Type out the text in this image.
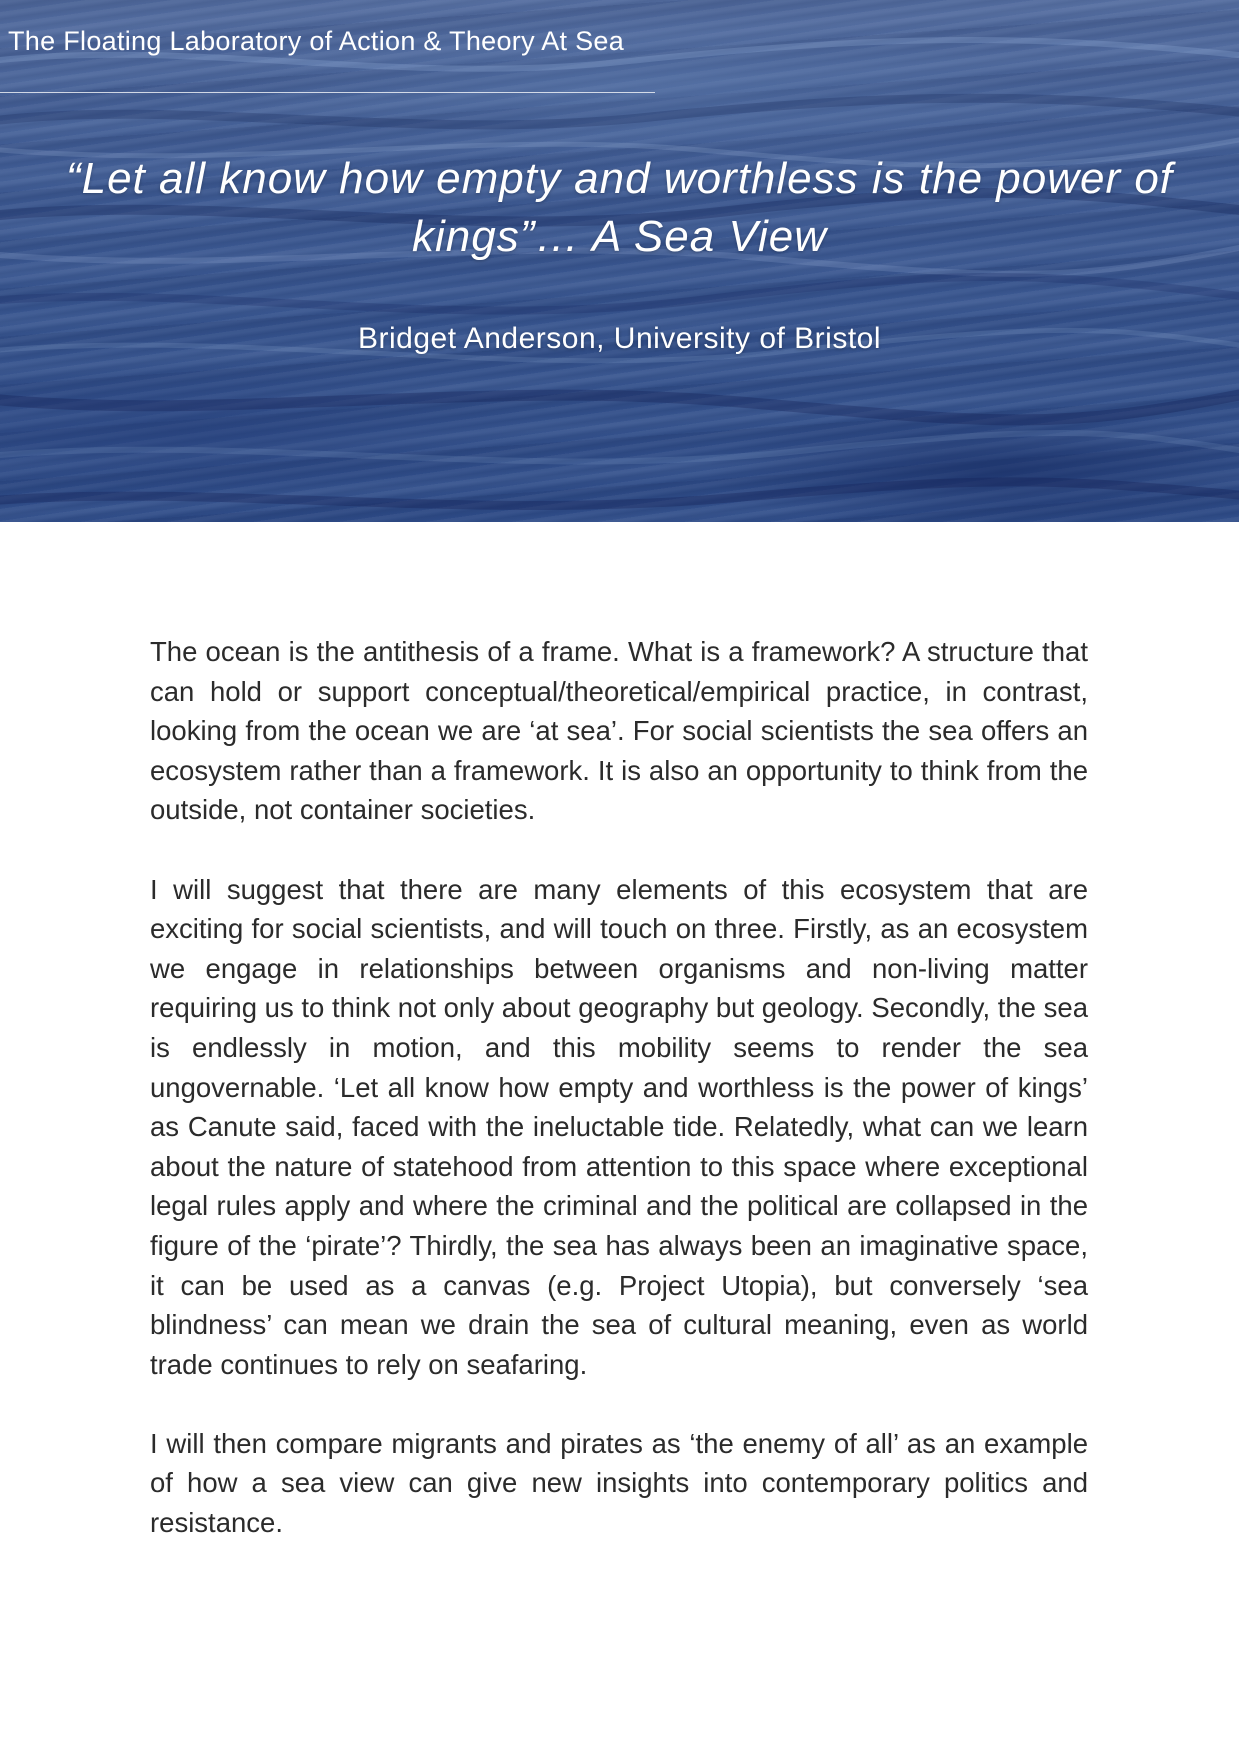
The Floating Laboratory of Action & Theory At Sea
“Let all know how empty and worthless is the power of
kings”… A Sea View
Bridget Anderson, University of Bristol

The ocean is the antithesis of a frame. What is a framework? A structure that can hold or support conceptual/theoretical/empirical practice, in contrast, looking from the ocean we are ‘at sea’. For social scientists the sea offers an ecosystem rather than a framework. It is also an opportunity to think from the outside, not container societies.

I will suggest that there are many elements of this ecosystem that are exciting for social scientists, and will touch on three. Firstly, as an ecosystem we engage in relationships between organisms and non-living matter requiring us to think not only about geography but geology. Secondly, the sea is endlessly in motion, and this mobility seems to render the sea ungovernable. ‘Let all know how empty and worthless is the power of kings’ as Canute said, faced with the ineluctable tide. Relatedly, what can we learn about the nature of statehood from attention to this space where exceptional legal rules apply and where the criminal and the political are collapsed in the figure of the ‘pirate’? Thirdly, the sea has always been an imaginative space, it can be used as a canvas (e.g. Project Utopia), but conversely ‘sea blindness’ can mean we drain the sea of cultural meaning, even as world trade continues to rely on seafaring.

I will then compare migrants and pirates as ‘the enemy of all’ as an example of how a sea view can give new insights into contemporary politics and resistance.
